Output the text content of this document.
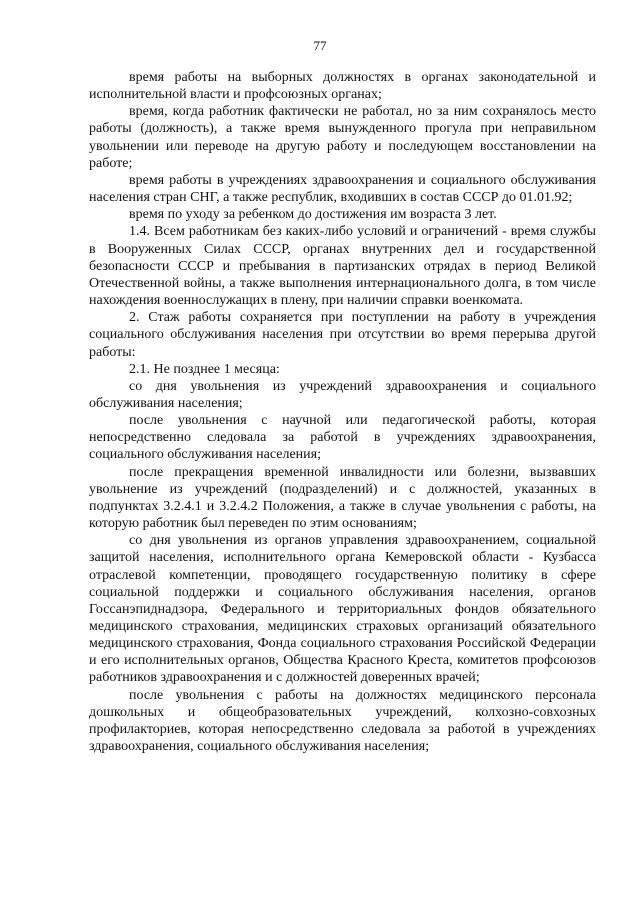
77

время работы на выборных должностях в органах законодательной и исполнительной власти и профсоюзных органах;

время, когда работник фактически не работал, но за ним сохранялось место работы (должность), а также время вынужденного прогула при неправильном увольнении или переводе на другую работу и последующем восстановлении на работе;

время работы в учреждениях здравоохранения и социального обслуживания населения стран СНГ, а также республик, входивших в состав СССР до 01.01.92;

время по уходу за ребенком до достижения им возраста 3 лет.

1.4. Всем работникам без каких-либо условий и ограничений - время службы в Вооруженных Силах СССР, органах внутренних дел и государственной безопасности СССР и пребывания в партизанских отрядах в период Великой Отечественной войны, а также выполнения интернационального долга, в том числе нахождения военнослужащих в плену, при наличии справки военкомата.

2. Стаж работы сохраняется при поступлении на работу в учреждения социального обслуживания населения при отсутствии во время перерыва другой работы:

2.1. Не позднее 1 месяца:

со дня увольнения из учреждений здравоохранения и социального обслуживания населения;

после увольнения с научной или педагогической работы, которая непосредственно следовала за работой в учреждениях здравоохранения, социального обслуживания населения;

после прекращения временной инвалидности или болезни, вызвавших увольнение из учреждений (подразделений) и с должностей, указанных в подпунктах 3.2.4.1 и 3.2.4.2 Положения, а также в случае увольнения с работы, на которую работник был переведен по этим основаниям;

со дня увольнения из органов управления здравоохранением, социальной защитой населения, исполнительного органа Кемеровской области - Кузбасса отраслевой компетенции, проводящего государственную политику в сфере социальной поддержки и социального обслуживания населения, органов Госсанэпиднадзора, Федерального и территориальных фондов обязательного медицинского страхования, медицинских страховых организаций обязательного медицинского страхования, Фонда социального страхования Российской Федерации и его исполнительных органов, Общества Красного Креста, комитетов профсоюзов работников здравоохранения и с должностей доверенных врачей;

после увольнения с работы на должностях медицинского персонала дошкольных и общеобразовательных учреждений, колхозно-совхозных профилакториев, которая непосредственно следовала за работой в учреждениях здравоохранения, социального обслуживания населения;
